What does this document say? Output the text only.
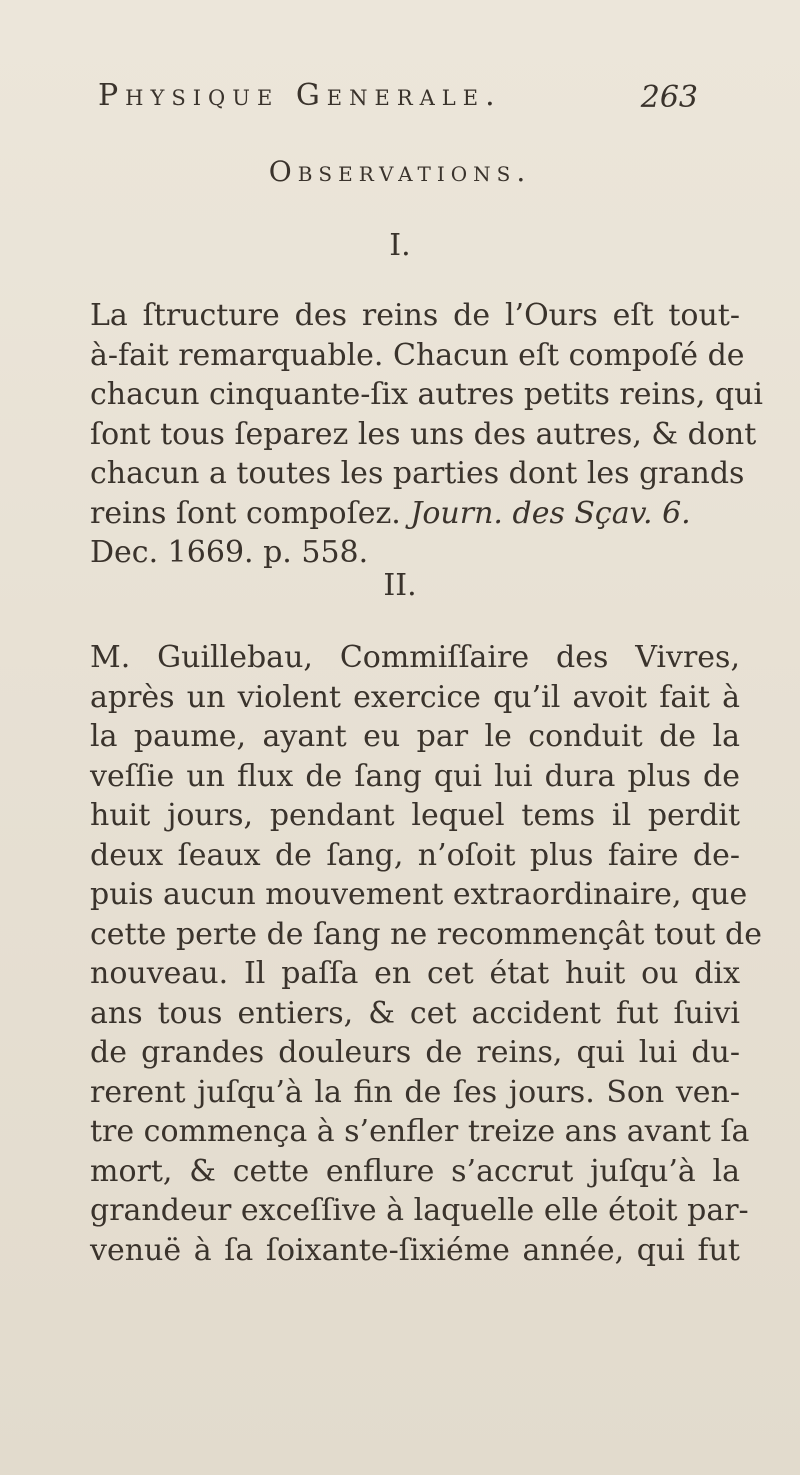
Physique Generale.	263
Observations.
I.
La ſtructure des reins de l’Ours eſt tout-
à-fait remarquable. Chacun eſt compoſé de
chacun cinquante-ſix autres petits reins, qui
ſont tous ſeparez les uns des autres, & dont
chacun a toutes les parties dont les grands
reins ſont compoſez. Journ. des Sçav. 6.
Dec. 1669. p. 558.
II.
M. Guillebau, Commiſſaire des Vivres,
après un violent exercice qu’il avoit fait à
la paume, ayant eu par le conduit de la
veſſie un flux de ſang qui lui dura plus de
huit jours, pendant lequel tems il perdit
deux ſeaux de ſang, n’oſoit plus faire de-
puis aucun mouvement extraordinaire, que
cette perte de ſang ne recommençât tout de
nouveau. Il paſſa en cet état huit ou dix
ans tous entiers, & cet accident fut ſuivi
de grandes douleurs de reins, qui lui du-
rerent juſqu’à la fin de ſes jours. Son ven-
tre commença à s’enfler treize ans avant ſa
mort, & cette enflure s’accrut juſqu’à la
grandeur exceſſive à laquelle elle étoit par-
venuë à ſa ſoixante-ſixiéme année, qui fut
